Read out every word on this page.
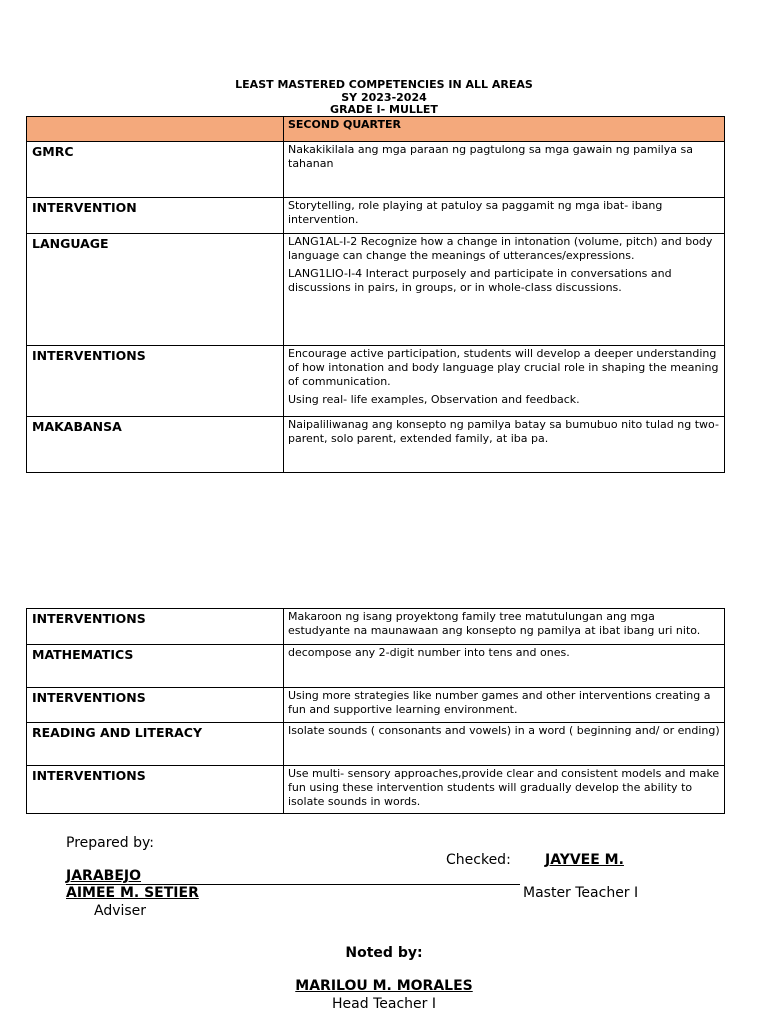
LEAST MASTERED COMPETENCIES IN ALL AREAS
SY 2023-2024
GRADE I- MULLET
	SECOND QUARTER
GMRC	Nakakikilala ang mga paraan ng pagtulong sa mga gawain ng pamilya sa tahanan

INTERVENTION	Storytelling, role playing at patuloy sa paggamit ng mga ibat- ibang intervention.

LANGUAGE	LANG1AL-I-2 Recognize how a change in intonation (volume, pitch) and body language can change the meanings of utterances/expressions.
LANG1LIO-I-4 Interact purposely and participate in conversations and discussions in pairs, in groups, or in whole-class discussions.

INTERVENTIONS	Encourage active participation, students will develop a deeper understanding of how intonation and body language play crucial role in shaping the meaning of communication.
Using real- life examples, Observation and feedback.

MAKABANSA	Naipaliliwanag ang konsepto ng pamilya batay sa bumubuo nito tulad ng two-parent, solo parent, extended family, at iba pa.
INTERVENTIONS	Makaroon ng isang proyektong family tree matutulungan ang mga estudyante na maunawaan ang konsepto ng pamilya at ibat ibang uri nito.

MATHEMATICS	decompose any 2-digit number into tens and ones.

INTERVENTIONS	Using more strategies like number games and other interventions creating a fun and supportive learning environment.

READING AND LITERACY	Isolate sounds ( consonants and vowels) in a word ( beginning and/ or ending)

INTERVENTIONS	Use multi- sensory approaches,provide clear and consistent models and make fun using these intervention students will gradually develop the ability to isolate sounds in words.
Prepared by:
Checked: JAYVEE M.
JARABEJO
AIMEE M. SETIER	Master Teacher I
Adviser
Noted by:
MARILOU M. MORALES
Head Teacher I
